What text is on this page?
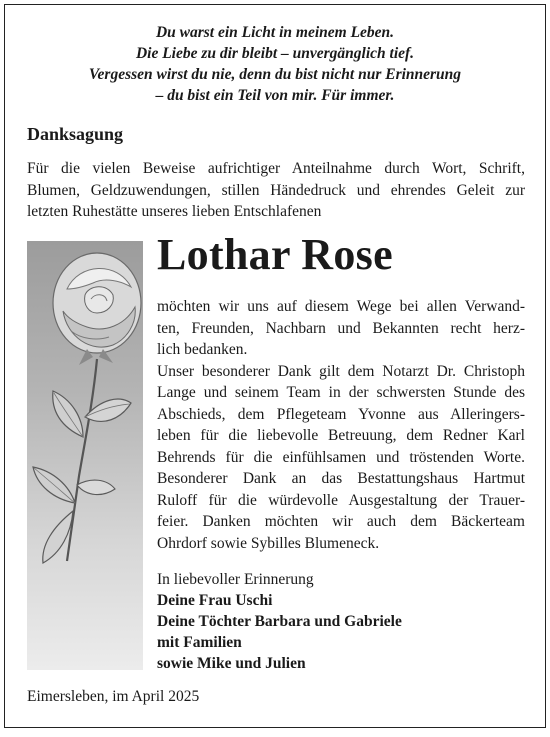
Du warst ein Licht in meinem Leben.
Die Liebe zu dir bleibt – unvergänglich tief.
Vergessen wirst du nie, denn du bist nicht nur Erinnerung
– du bist ein Teil von mir. Für immer.
Danksagung
Für die vielen Beweise aufrichtiger Anteilnahme durch Wort, Schrift,
Blumen, Geldzuwendungen, stillen Händedruck und ehrendes Geleit zur
letzten Ruhestätte unseres lieben Entschlafenen
Lothar Rose
möchten wir uns auf diesem Wege bei allen Verwand-
ten, Freunden, Nachbarn und Bekannten recht herz-
lich bedanken.
Unser besonderer Dank gilt dem Notarzt Dr. Christoph
Lange und seinem Team in der schwersten Stunde des
Abschieds, dem Pflegeteam Yvonne aus Alleringers-
leben für die liebevolle Betreuung, dem Redner Karl
Behrends für die einfühlsamen und tröstenden Worte.
Besonderer Dank an das Bestattungshaus Hartmut
Ruloff für die würdevolle Ausgestaltung der Trauer-
feier. Danken möchten wir auch dem Bäckerteam
Ohrdorf sowie Sybilles Blumeneck.
In liebevoller Erinnerung
Deine Frau Uschi
Deine Töchter Barbara und Gabriele
mit Familien
sowie Mike und Julien
Eimersleben, im April 2025
